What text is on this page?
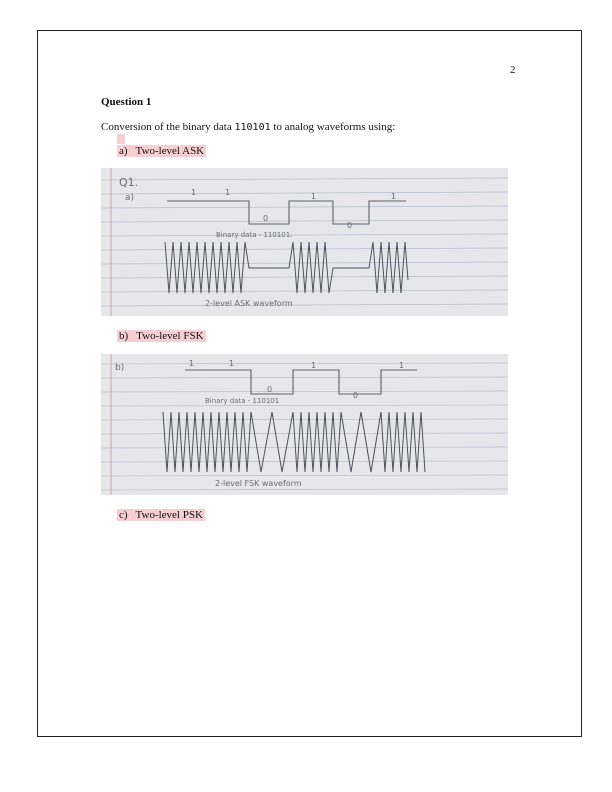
2
Question 1
Conversion of the binary data 110101 to analog waveforms using:
a) Two-level ASK
Q1.
a)
1	1
0
1
0
1
Binary data - 110101.
2-level ASK waveform
b) Two-level FSK
b)	1	1
0
1
0
1
Binary data - 110101
2-level FSK waveform
c) Two-level PSK
